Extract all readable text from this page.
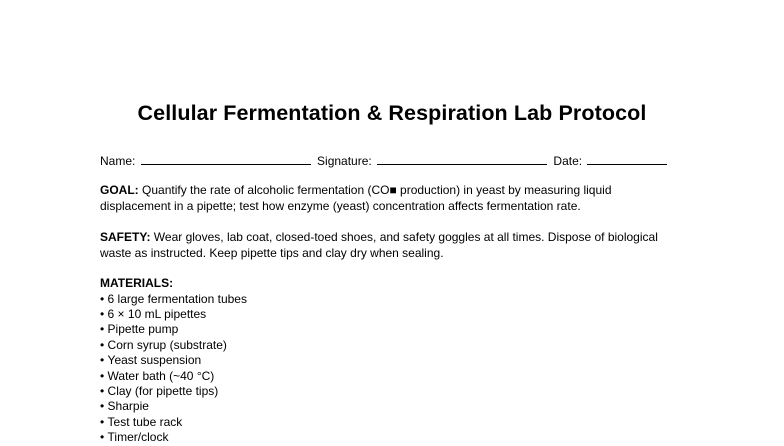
Cellular Fermentation & Respiration Lab Protocol
Name:	Signature:	Date:
GOAL: Quantify the rate of alcoholic fermentation (CO■ production) in yeast by measuring liquid displacement in a pipette; test how enzyme (yeast) concentration affects fermentation rate.
SAFETY: Wear gloves, lab coat, closed-toed shoes, and safety goggles at all times. Dispose of biological waste as instructed. Keep pipette tips and clay dry when sealing.
MATERIALS:
• 6 large fermentation tubes
• 6 × 10 mL pipettes
• Pipette pump
• Corn syrup (substrate)
• Yeast suspension
• Water bath (~40 °C)
• Clay (for pipette tips)
• Sharpie
• Test tube rack
• Timer/clock
